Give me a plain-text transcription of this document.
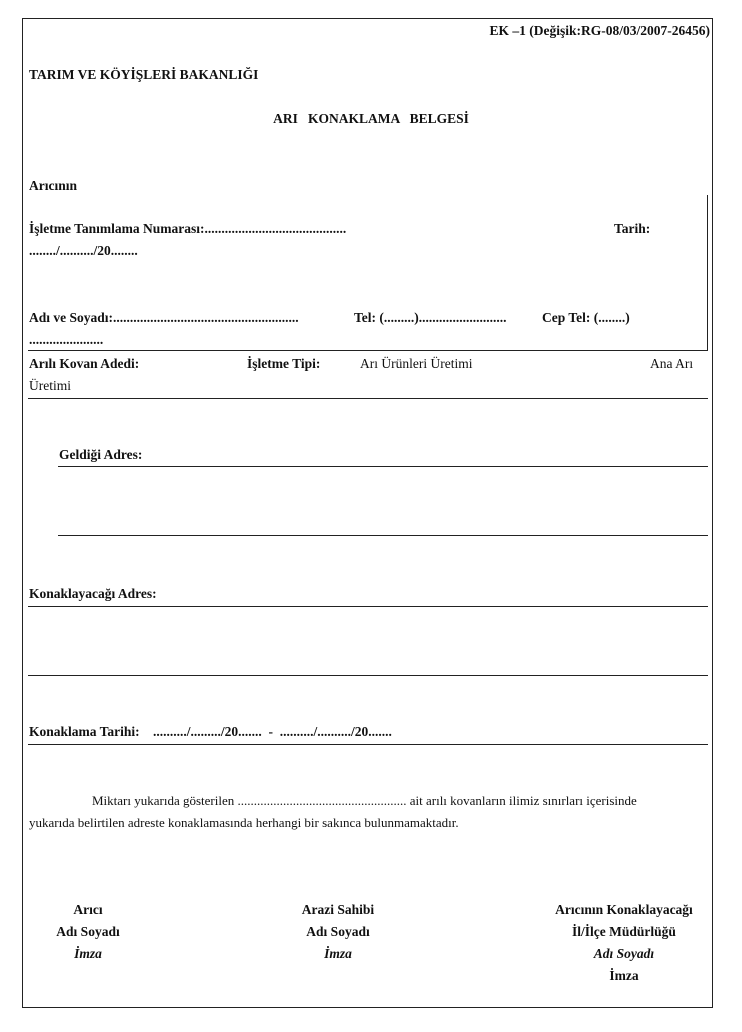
EK –1 (Değişik:RG-08/03/2007-26456)
TARIM VE KÖYİŞLERİ BAKANLIĞI
ARI   KONAKLAMA   BELGESİ
Arıcının
İşletme Tanımlama Numarası:..........................................	Tarih:
......../........../20........
Adı ve Soyadı:.......................................................	Tel: (.........)..........................	Cep Tel: (........)
......................
Arılı Kovan Adedi:	İşletme Tipi:	Arı Ürünleri Üretimi	Ana Arı
Üretimi
Geldiği Adres:
Konaklayacağı Adres:
Konaklama Tarihi: ........../........./20.......  -  ........../........../20.......
Miktarı yukarıda gösterilen .................................................... ait arılı kovanların ilimiz sınırları içerisinde
yukarıda belirtilen adreste konaklamasında herhangi bir sakınca bulunmamaktadır.
Arıcı
Adı Soyadı
İmza
Arazi Sahibi
Adı Soyadı
İmza
Arıcının Konaklayacağı
İl/İlçe Müdürlüğü
Adı Soyadı
İmza
